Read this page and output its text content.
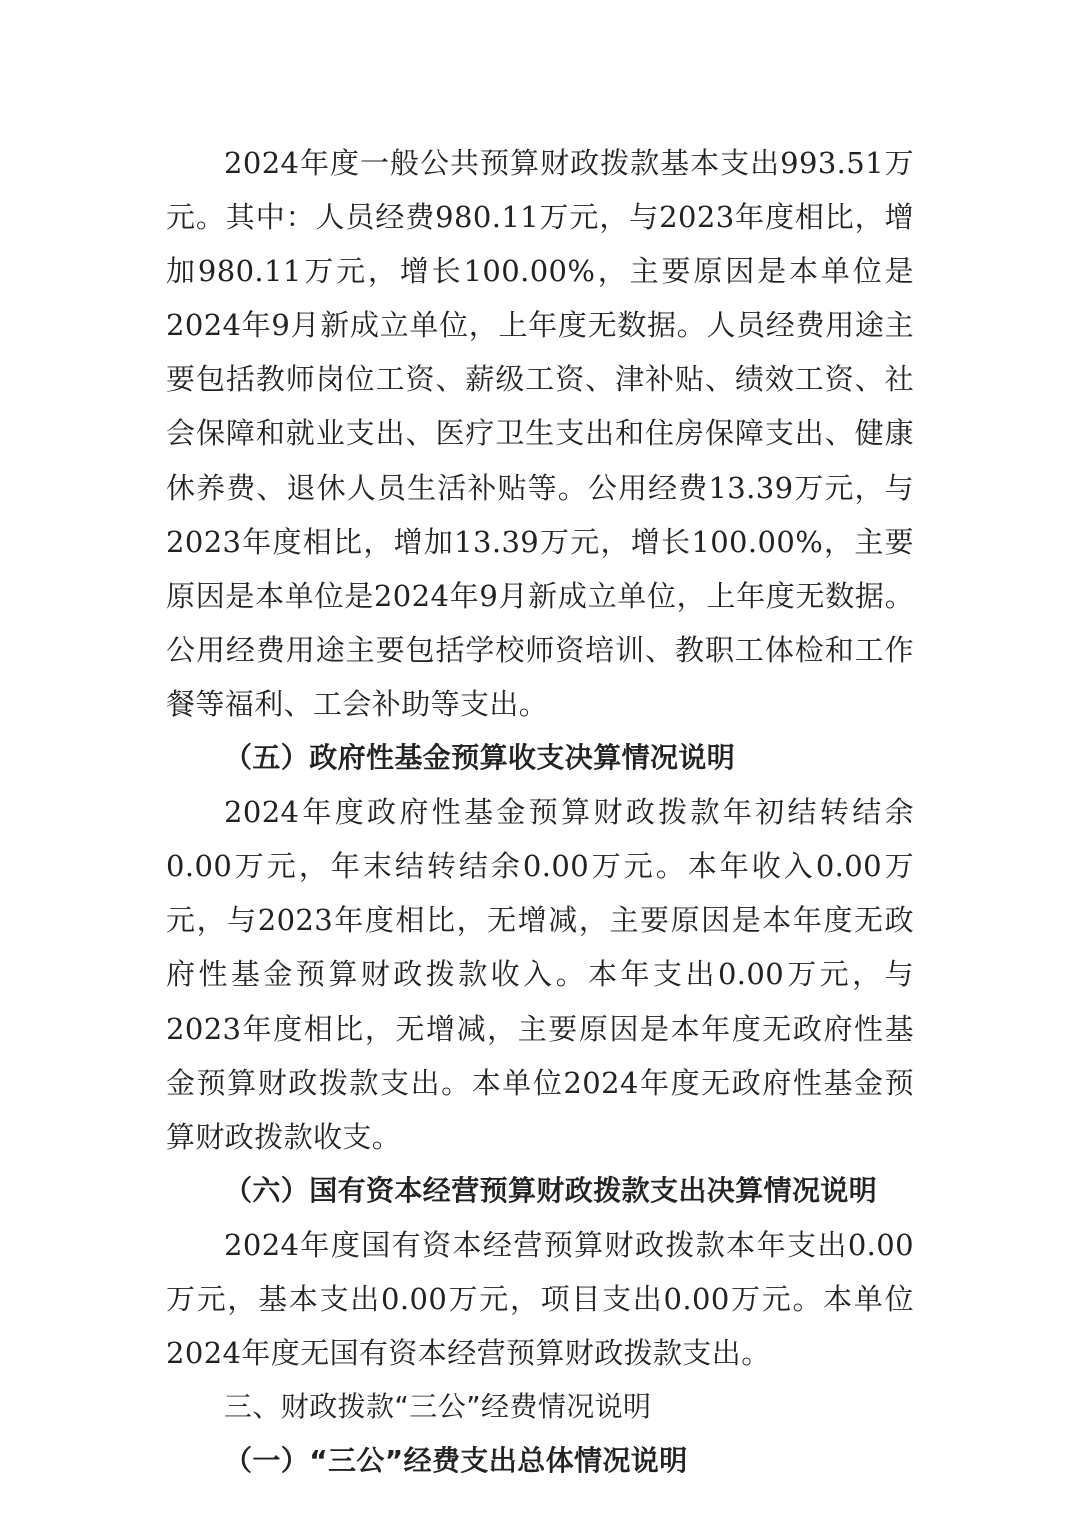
2024年度一般公共预算财政拨款基本支出993.51万元。其中：人员经费980.11万元，与2023年度相比，增加980.11万元，增长100.00%，主要原因是本单位是2024年9月新成立单位，上年度无数据。人员经费用途主要包括教师岗位工资、薪级工资、津补贴、绩效工资、社会保障和就业支出、医疗卫生支出和住房保障支出、健康休养费、退休人员生活补贴等。公用经费13.39万元，与2023年度相比，增加13.39万元，增长100.00%，主要原因是本单位是2024年9月新成立单位，上年度无数据。公用经费用途主要包括学校师资培训、教职工体检和工作餐等福利、工会补助等支出。

（五）政府性基金预算收支决算情况说明

2024年度政府性基金预算财政拨款年初结转结余0.00万元，年末结转结余0.00万元。本年收入0.00万元，与2023年度相比，无增减，主要原因是本年度无政府性基金预算财政拨款收入。本年支出0.00万元，与2023年度相比，无增减，主要原因是本年度无政府性基金预算财政拨款支出。本单位2024年度无政府性基金预算财政拨款收支。

（六）国有资本经营预算财政拨款支出决算情况说明

2024年度国有资本经营预算财政拨款本年支出0.00万元，基本支出0.00万元，项目支出0.00万元。本单位2024年度无国有资本经营预算财政拨款支出。

三、财政拨款“三公”经费情况说明

（一）“三公”经费支出总体情况说明
